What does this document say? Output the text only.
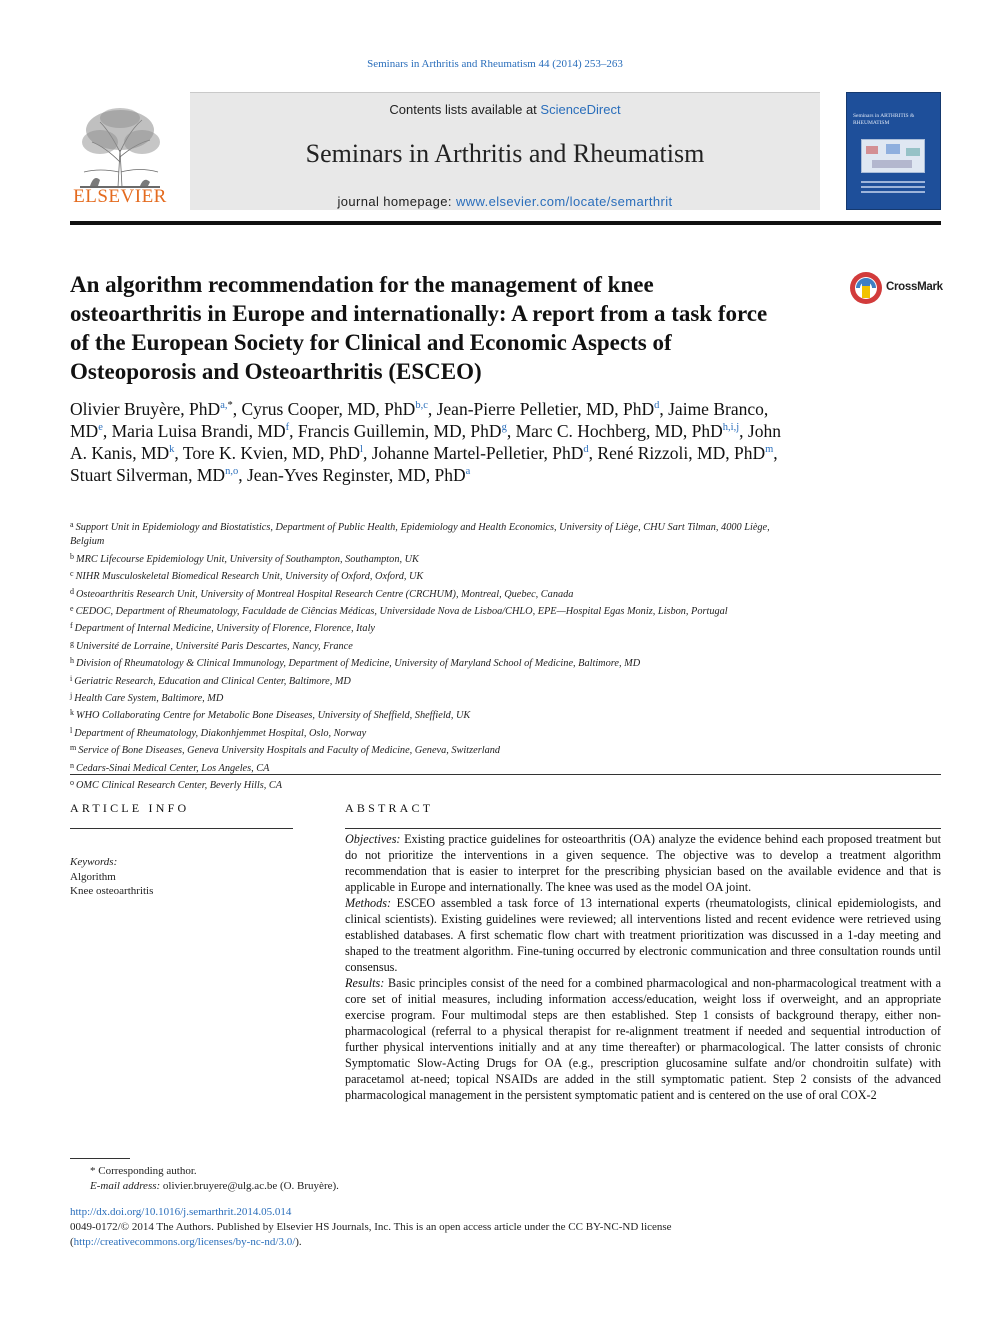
Seminars in Arthritis and Rheumatism 44 (2014) 253–263
ELSEVIER
Contents lists available at ScienceDirect
Seminars in Arthritis and Rheumatism
journal homepage: www.elsevier.com/locate/semarthrit
Seminars in ARTHRITIS & RHEUMATISM
An algorithm recommendation for the management of knee osteoarthritis in Europe and internationally: A report from a task force of the European Society for Clinical and Economic Aspects of Osteoporosis and Osteoarthritis (ESCEO)
CrossMark
Olivier Bruyère, PhD$^{a,*}$, Cyrus Cooper, MD, PhD$^{b,c}$, Jean-Pierre Pelletier, MD, PhD$^d$, Jaime Branco, MDe, Maria Luisa Brandi, $MD^f$, Francis Guillemin, MD, PhD$^g$, Marc C. Hochberg, MD, PhD$^{h,i,j}$, John A. Kanis, $MD^k$, Tore K. Kvien, MD, PhD$^l$, Johanne Martel-Pelletier, PhD$^d$, René Rizzoli, MD, PhD$^m$, Stuart Silverman, MD$^{n,o}$, Jean-Yves Reginster, MD, PhD$^a$
$^a$ Support Unit in Epidemiology and Biostatistics, Department of Public Health, Epidemiology and Health Economics, University of Liège, CHU Sart Tilman, 4000 Liège, Belgium
$^b$ MRC Lifecourse Epidemiology Unit, University of Southampton, Southampton, UK
$^c$ NIHR Musculoskeletal Biomedical Research Unit, University of Oxford, Oxford, UK
$^d$ Osteoarthritis Research Unit, University of Montreal Hospital Research Centre (CRCHUM), Montreal, Quebec, Canada
$^e$ CEDOC, Department of Rheumatology, Faculdade de Ciências Médicas, Universidade Nova de Lisboa/CHLO, EPE—Hospital Egas Moniz, Lisbon, Portugal
$^f$ Department of Internal Medicine, University of Florence, Florence, Italy
$^g$ Université de Lorraine, Université Paris Descartes, Nancy, France
$^h$ Division of Rheumatology & Clinical Immunology, Department of Medicine, University of Maryland School of Medicine, Baltimore, MD
$^i$ Geriatric Research, Education and Clinical Center, Baltimore, MD
$^j$ Health Care System, Baltimore, MD
$^k$ WHO Collaborating Centre for Metabolic Bone Diseases, University of Sheffield, Sheffield, UK
$^l$ Department of Rheumatology, Diakonhjemmet Hospital, Oslo, Norway
$^m$ Service of Bone Diseases, Geneva University Hospitals and Faculty of Medicine, Geneva, Switzerland
$^n$ Cedars-Sinai Medical Center, Los Angeles, CA
$^o$ OMC Clinical Research Center, Beverly Hills, CA
ARTICLE INFO	ABSTRACT
Keywords:
Algorithm
Knee osteoarthritis

Objectives: Existing practice guidelines for osteoarthritis (OA) analyze the evidence behind each proposed treatment but do not prioritize the interventions in a given sequence. The objective was to develop a treatment algorithm recommendation that is easier to interpret for the prescribing physician based on the available evidence and that is applicable in Europe and internationally. The knee was used as the model OA joint.

Methods: ESCEO assembled a task force of 13 international experts (rheumatologists, clinical epidemiologists, and clinical scientists). Existing guidelines were reviewed; all interventions listed and recent evidence were retrieved using established databases. A first schematic flow chart with treatment prioritization was discussed in a 1-day meeting and shaped to the treatment algorithm. Fine-tuning occurred by electronic communication and three consultation rounds until consensus.

Results: Basic principles consist of the need for a combined pharmacological and non-pharmacological treatment with a core set of initial measures, including information access/education, weight loss if overweight, and an appropriate exercise program. Four multimodal steps are then established. Step 1 consists of background therapy, either non-pharmacological (referral to a physical therapist for re-alignment treatment if needed and sequential introduction of further physical interventions initially and at any time thereafter) or pharmacological. The latter consists of chronic Symptomatic Slow-Acting Drugs for OA (e.g., prescription glucosamine sulfate and/or chondroitin sulfate) with paracetamol at-need; topical NSAIDs are added in the still symptomatic patient. Step 2 consists of the advanced pharmacological management in the persistent symptomatic patient and is centered on the use of oral COX-2

* Corresponding author.
E-mail address: olivier.bruyere@ulg.ac.be (O. Bruyère).
http://dx.doi.org/10.1016/j.semarthrit.2014.05.014
0049-0172/© 2014 The Authors. Published by Elsevier HS Journals, Inc. This is an open access article under the CC BY-NC-ND license
(http://creativecommons.org/licenses/by-nc-nd/3.0/).
